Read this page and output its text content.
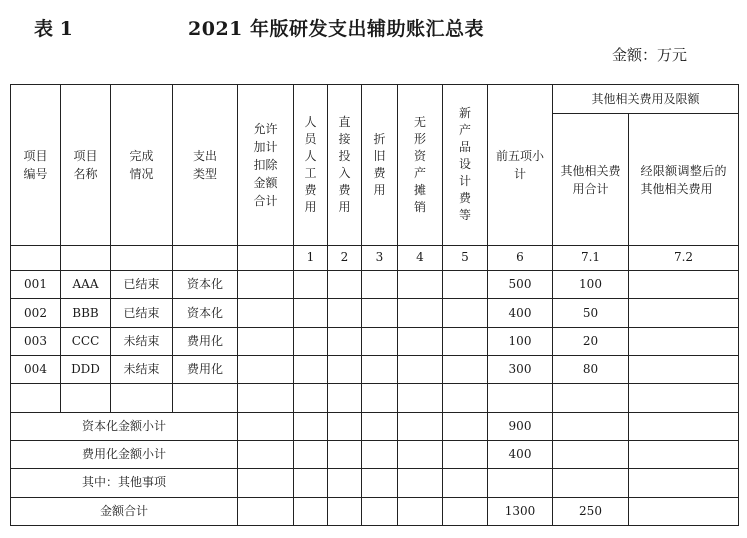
表 1	2021 年版研发支出辅助账汇总表
金额：万元
项目编号	项目名称	完成情况	支出类型	允许加计扣除金额合计	人员人工费用	直接投入费用	折旧费用	无形资产摊销	新产品设计费等	前五项小计	其他相关费用及限额	
											其他相关费用合计	经限额调整后的其他相关费用
					1	2	3	4	5	6	7.1	7.2
001	AAA	已结束	资本化							500	100	
002	BBB	已结束	资本化							400	50	
003	CCC	未结束	费用化							100	20	
004	DDD	未结束	费用化							300	80	

资本化金额小计										900		
费用化金额小计										400		
其中：其他事项												
金额合计										1300	250	
